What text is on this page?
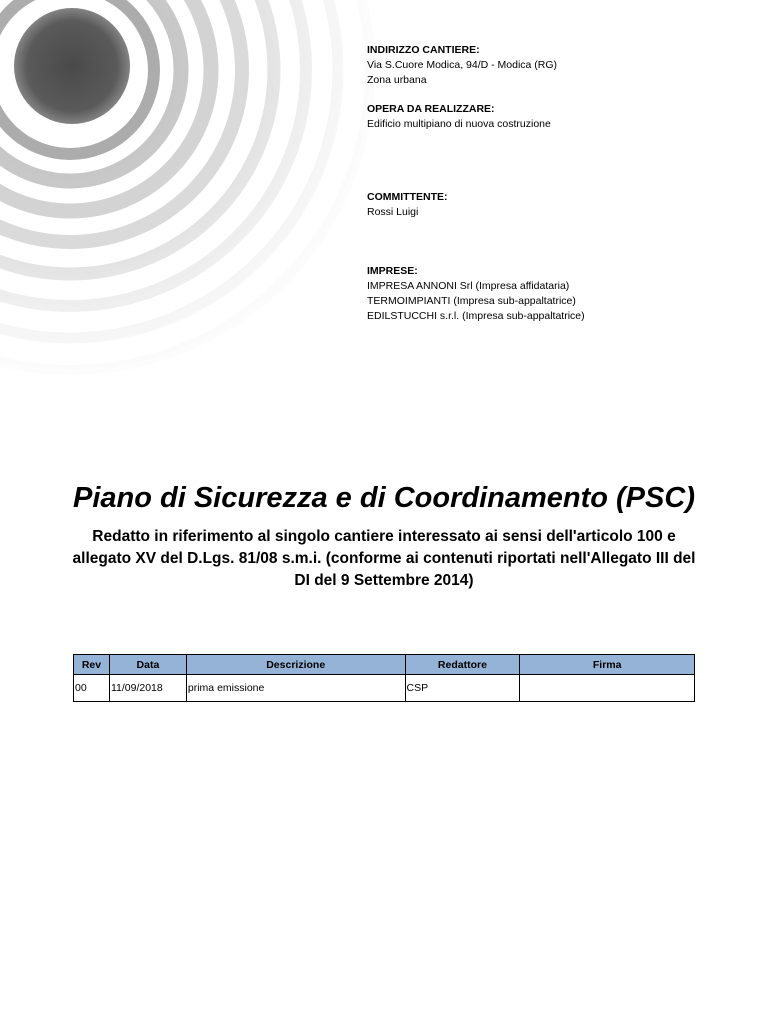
INDIRIZZO CANTIERE:
Via S.Cuore Modica, 94/D - Modica (RG)
Zona urbana
OPERA DA REALIZZARE:
Edificio multipiano di nuova costruzione
COMMITTENTE:
Rossi Luigi
IMPRESE:
IMPRESA ANNONI Srl (Impresa affidataria)
TERMOIMPIANTI (Impresa sub-appaltatrice)
EDILSTUCCHI s.r.l. (Impresa sub-appaltatrice)
Piano di Sicurezza e di Coordinamento (PSC)

Redatto in riferimento al singolo cantiere interessato ai sensi dell'articolo 100 e allegato XV del D.Lgs. 81/08 s.m.i. (conforme ai contenuti riportati nell'Allegato III del DI del 9 Settembre 2014)

Rev	Data	Descrizione	Redattore	Firma
00	11/09/2018	prima emissione	CSP	
